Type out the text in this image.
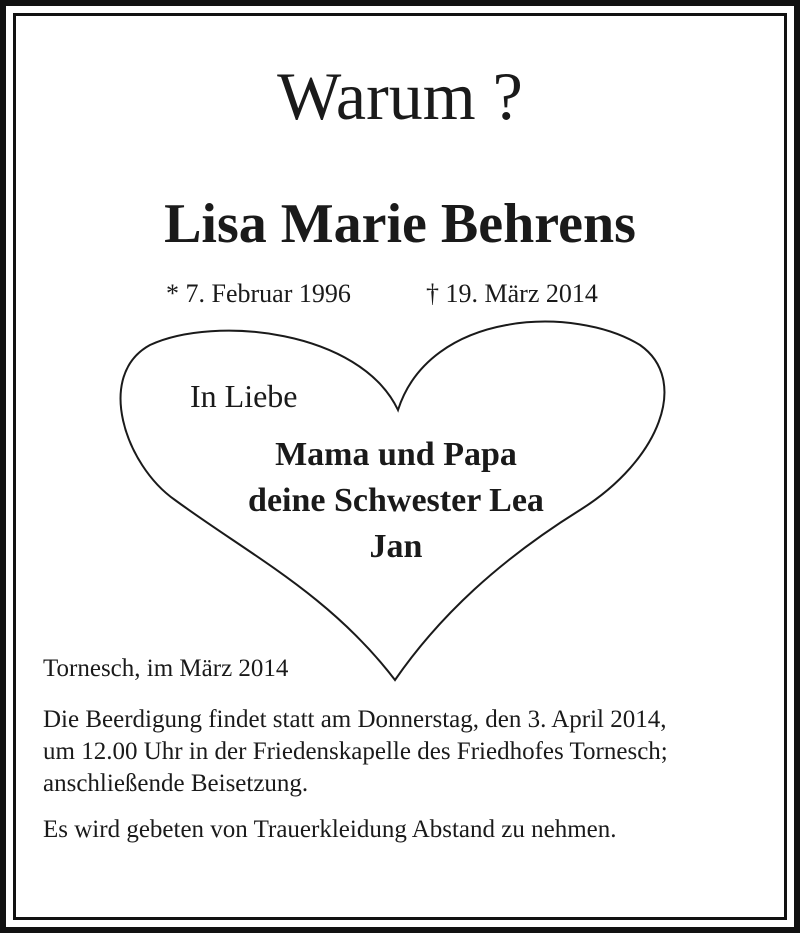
Warum ?
Lisa Marie Behrens
* 7. Februar 1996	† 19. März 2014
In Liebe
Mama und Papa
deine Schwester Lea
Jan
Tornesch, im März 2014
Die Beerdigung findet statt am Donnerstag, den 3. April 2014,
um 12.00 Uhr in der Friedenskapelle des Friedhofes Tornesch;
anschließende Beisetzung.
Es wird gebeten von Trauerkleidung Abstand zu nehmen.
